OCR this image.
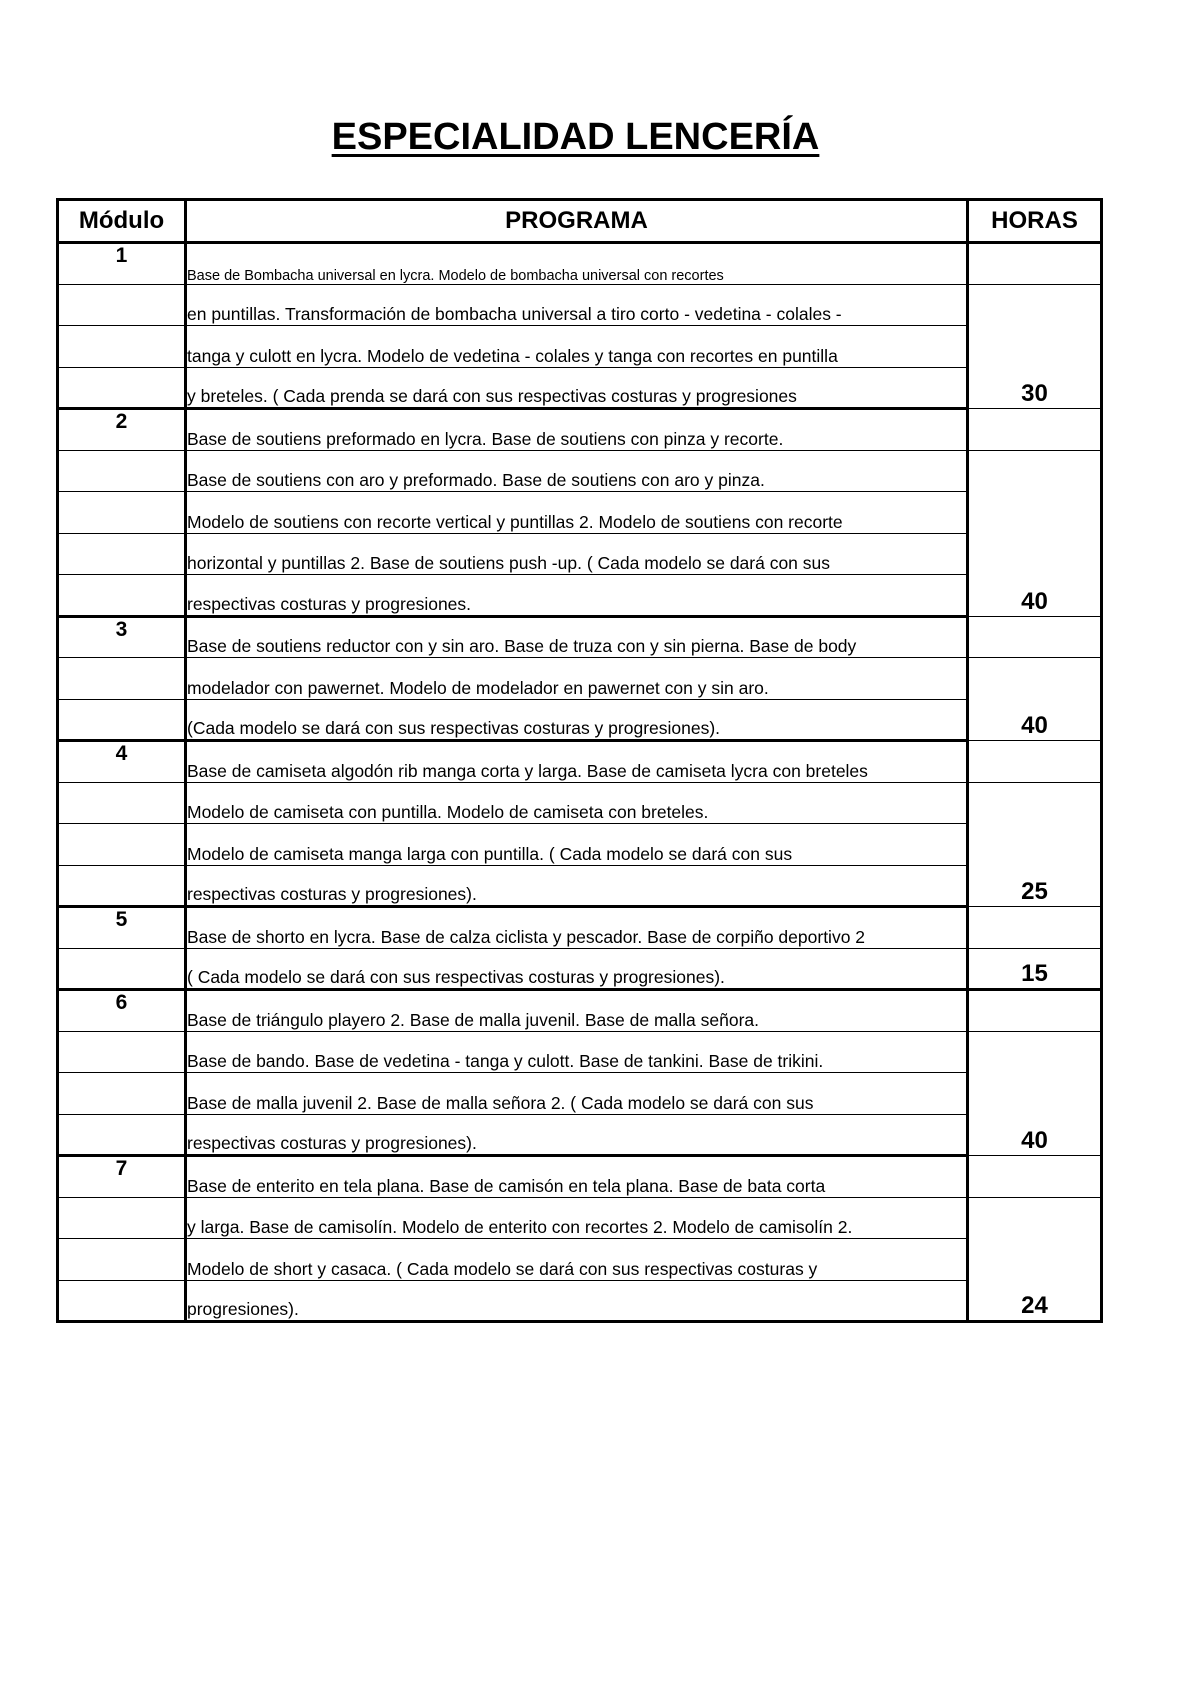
ESPECIALIDAD LENCERÍA
Módulo	PROGRAMA	HORAS
1	Base de Bombacha universal en lycra. Modelo de bombacha universal con recortes	
	en puntillas. Transformación de bombacha universal a tiro corto - vedetina - colales -	30
	tanga y culott en lycra. Modelo de vedetina - colales y tanga con recortes en puntilla	
	y breteles. ( Cada prenda se dará con sus respectivas costuras y progresiones	
2	Base de soutiens preformado en lycra. Base de soutiens con pinza y recorte.	
	Base de soutiens con aro y preformado. Base de soutiens con aro y pinza.	40
	Modelo de soutiens con recorte vertical y puntillas 2. Modelo de soutiens con recorte	
	horizontal y puntillas 2. Base de soutiens push -up. ( Cada modelo se dará con sus	
	respectivas costuras y progresiones.	
3	Base de soutiens reductor con y sin aro. Base de truza con y sin pierna. Base de body	
	modelador con pawernet. Modelo de modelador en pawernet con y sin aro.	40
	(Cada modelo se dará con sus respectivas costuras y progresiones).	
4	Base de camiseta algodón rib manga corta y larga. Base de camiseta lycra con breteles	
	Modelo de camiseta con puntilla. Modelo de camiseta con breteles.	25
	Modelo de camiseta manga larga con puntilla. ( Cada modelo se dará con sus	
	respectivas costuras y progresiones).	
5	Base de shorto en lycra. Base de calza ciclista y pescador. Base de corpiño deportivo 2	
	( Cada modelo se dará con sus respectivas costuras y progresiones).	15
6	Base de triángulo playero 2. Base de malla juvenil. Base de malla señora.	
	Base de bando. Base de vedetina - tanga y culott. Base de tankini. Base de trikini.	40
	Base de malla juvenil 2. Base de malla señora 2. ( Cada modelo se dará con sus	
	respectivas costuras y progresiones).	
7	Base de enterito en tela plana. Base de camisón en tela plana. Base de bata corta	
	y larga. Base de camisolín. Modelo de enterito con recortes 2. Modelo de camisolín 2.	24
	Modelo de short y casaca. ( Cada modelo se dará con sus respectivas costuras y	
	progresiones).	
